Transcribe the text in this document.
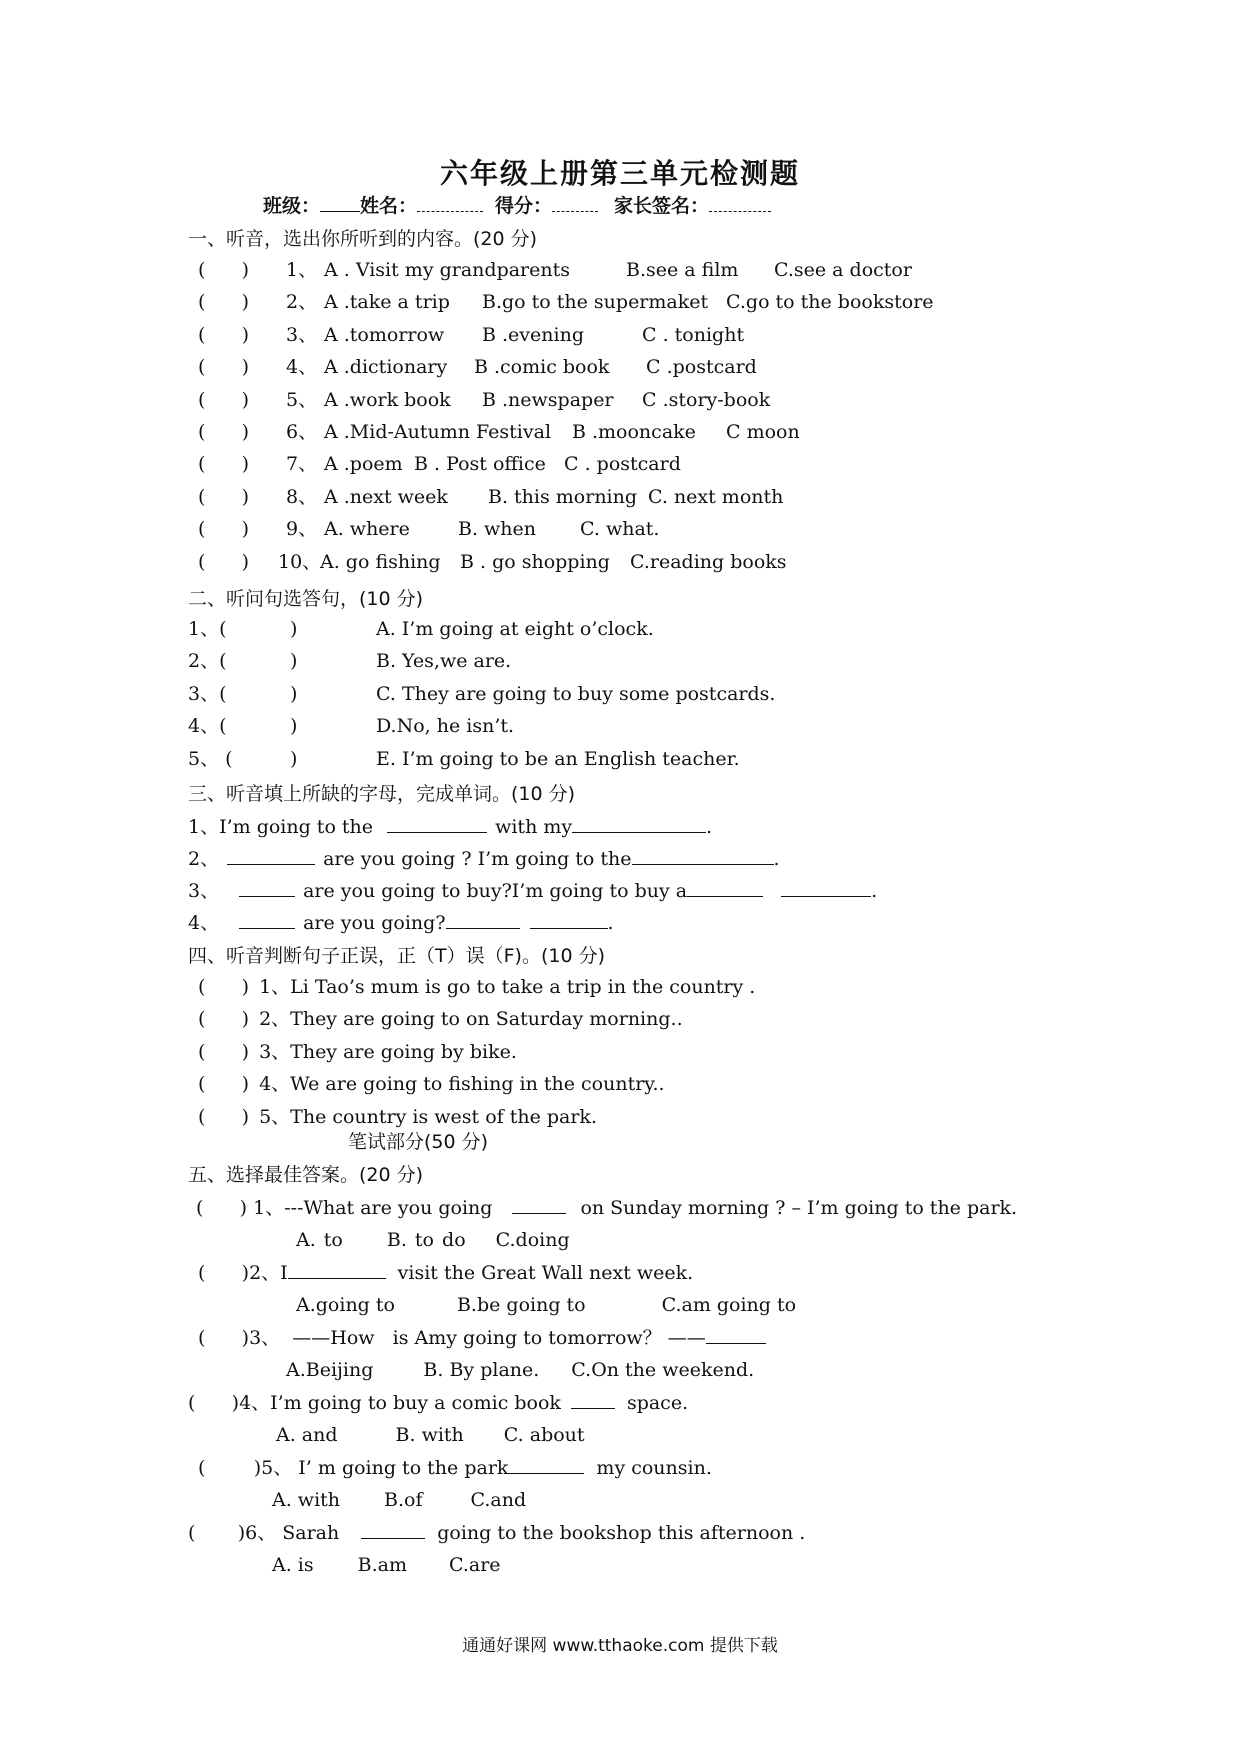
六年级上册第三单元检测题
班级： 姓名：	得分：	家长签名：
一、听音，选出你所听到的内容。(20 分)
(      ) 1、 A . Visit my grandparents	B.see a film C.see a doctor
(      ) 2、 A .take a trip B.go to the supermaket C.go to the bookstore
(      ) 3、 A .tomorrow B .evening	C . tonight
(      ) 4、 A .dictionary B .comic book C .postcard
(      ) 5、 A .work book B .newspaper C .story-book
(      ) 6、 A .Mid-Autumn Festival B .mooncake C moon
(      ) 7、 A .poem B . Post office C . postcard
(      ) 8、 A .next week B. this morning C. next month
(      ) 9、 A. where	B. when C. what.
(      ) 10、
A. go fishing B . go shopping C.reading books
二、听问句选答句，(10 分)
1、(	)	A. I’m going at eight o’clock.
2、(	)	B. Yes,we are.
3、(	)	C. They are going to buy some postcards.
4、(	)	D.No, he isn’t.
5、 (	)	E. I’m going to be an English teacher.
三、听音填上所缺的字母，完成单词。(10 分)
1、I’m going to the	with my	.
2、	are you going ? I’m going to the	.
3、	are you going to buy?I’m going to buy a	.
4、	are you going?	.
四、听音判断句子正误，正（T）误（F)。(10 分)
(      ) 1、Li Tao’s mum is go to take a trip in the country .
(      ) 2、They are going to on Saturday morning..
(      ) 3、They are going by bike.
(      ) 4、We are going to fishing in the country..
(      ) 5、The country is west of the park.
笔试部分(50 分)
五、选择最佳答案。(20 分)
(      ) 1、---What are you going	on Sunday morning ? – I’m going to the park.
A. to B. to do C.doing
(      )2、I	visit the Great Wall next week.
A.going to	B.be going to	C.am going to
(      )3、 ——How is Amy going to tomorrow？ ——
A.Beijing	B. By plane. C.On the weekend.
(      )4、I’m going to buy a comic book	space.
A. and	B. with C. about
(        )5、 I’ m going to the park	my counsin.
A. with B.of	C.and
(       )6、 Sarah	going to the bookshop this afternoon .
A. is B.am C.are
通通好课网 www.tthaoke.com 提供下载
